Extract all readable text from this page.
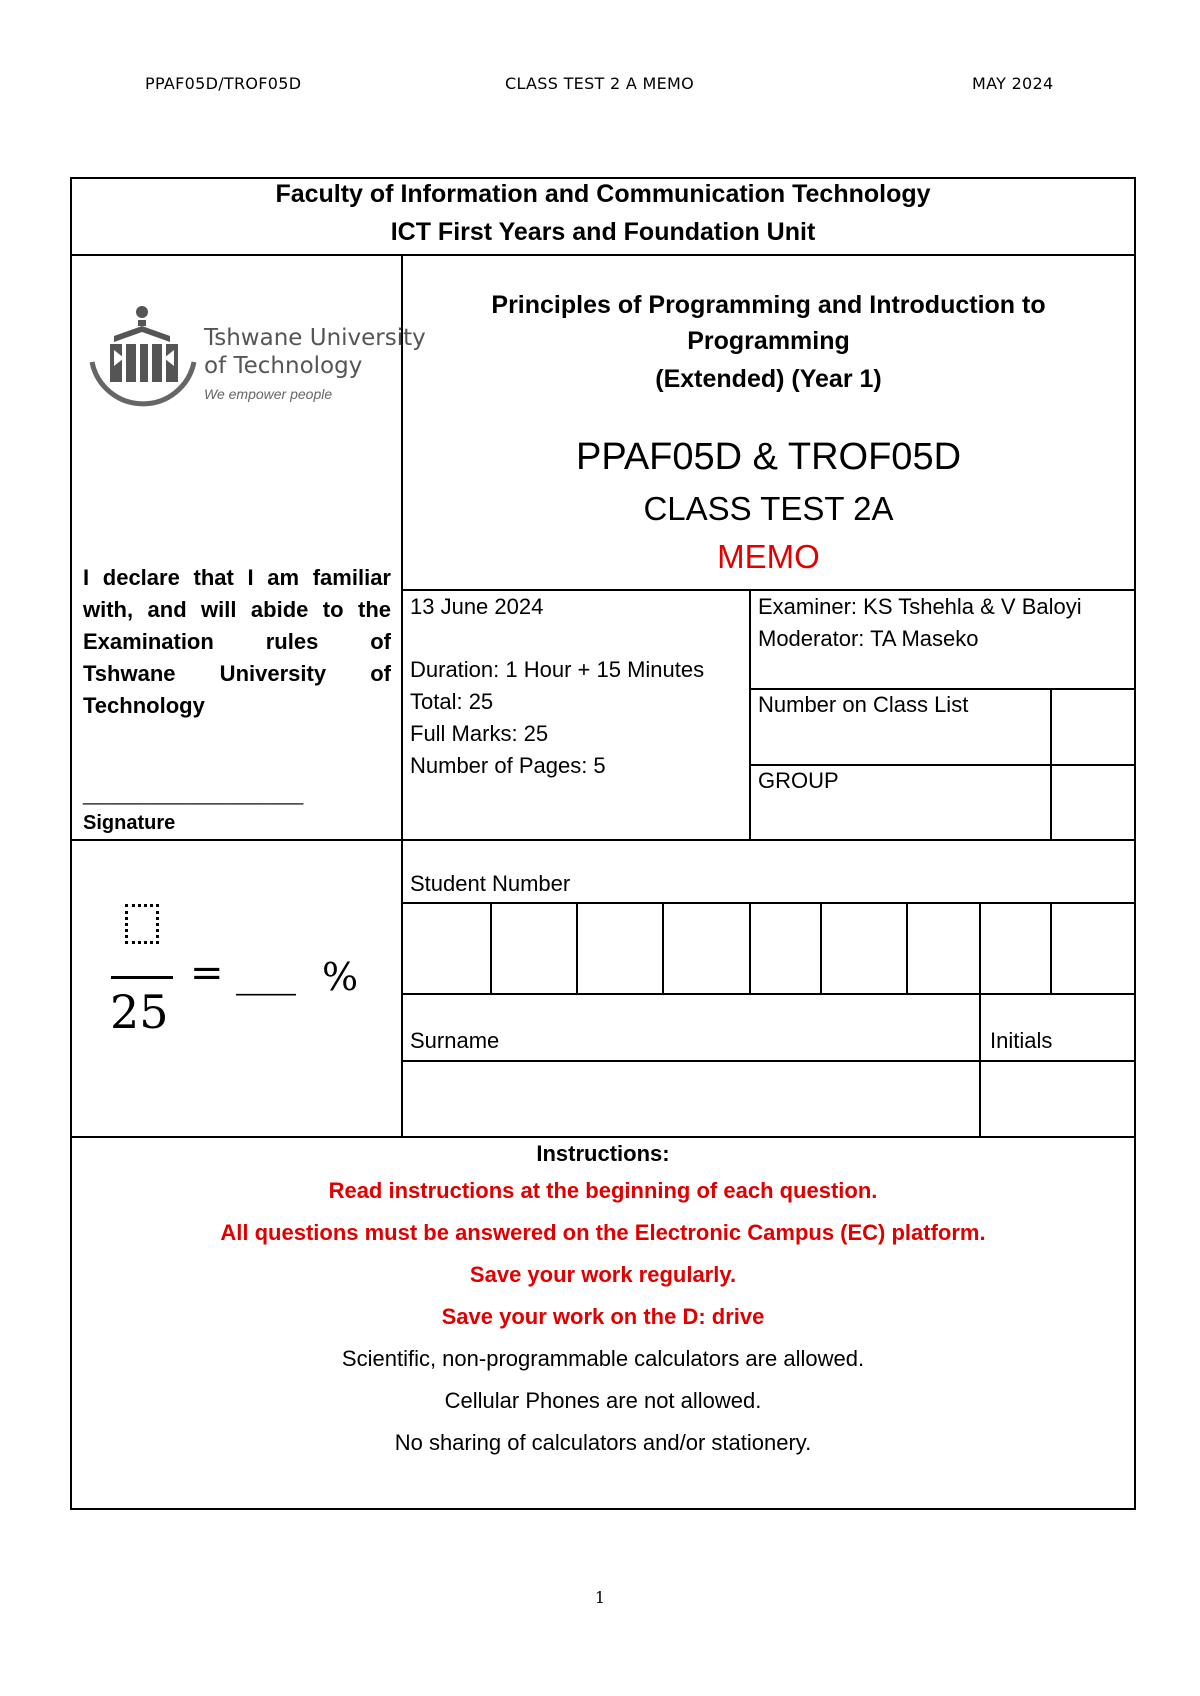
PPAF05D/TROF05D	CLASS TEST 2 A MEMO	MAY 2024
Faculty of Information and Communication Technology
ICT First Years and Foundation Unit
Tshwane University
of Technology
We empower people
Principles of Programming and Introduction to
Programming
(Extended) (Year 1)
PPAF05D & TROF05D
CLASS TEST 2A
MEMO
I declare that I am familiar
with, and will abide to the
Examination rules of
Tshwane University of
Technology
______________________
Signature
13 June 2024
Duration: 1 Hour + 15 Minutes
Total: 25
Full Marks: 25
Number of Pages: 5
Examiner: KS Tshehla & V Baloyi
Moderator: TA Maseko
Number on Class List
GROUP
25
= ___ %
Student Number
Surname	Initials
Instructions:
Read instructions at the beginning of each question.
All questions must be answered on the Electronic Campus (EC) platform.
Save your work regularly.
Save your work on the D: drive
Scientific, non-programmable calculators are allowed.
Cellular Phones are not allowed.
No sharing of calculators and/or stationery.
1
